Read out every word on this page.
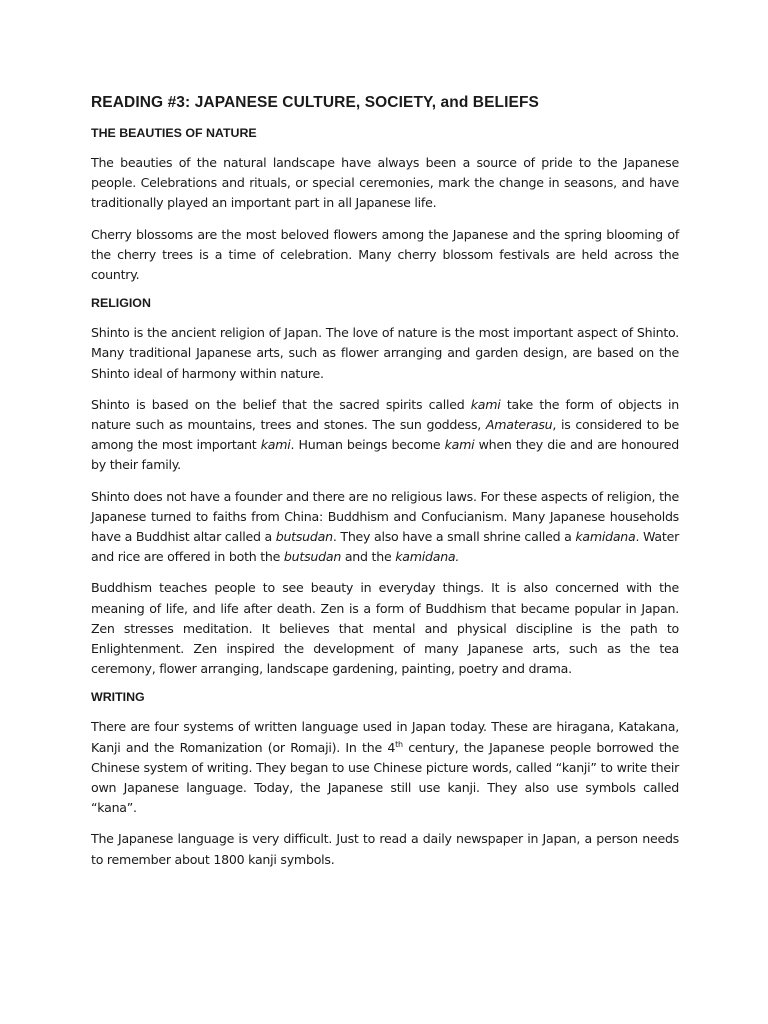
READING #3: JAPANESE CULTURE, SOCIETY, and BELIEFS
THE BEAUTIES OF NATURE

The beauties of the natural landscape have always been a source of pride to the Japanese people. Celebrations and rituals, or special ceremonies, mark the change in seasons, and have traditionally played an important part in all Japanese life.

Cherry blossoms are the most beloved flowers among the Japanese and the spring blooming of the cherry trees is a time of celebration. Many cherry blossom festivals are held across the country.

RELIGION

Shinto is the ancient religion of Japan. The love of nature is the most important aspect of Shinto. Many traditional Japanese arts, such as flower arranging and garden design, are based on the Shinto ideal of harmony within nature.

Shinto is based on the belief that the sacred spirits called kami take the form of objects in nature such as mountains, trees and stones. The sun goddess, Amaterasu, is considered to be among the most important kami. Human beings become kami when they die and are honoured by their family.

Shinto does not have a founder and there are no religious laws. For these aspects of religion, the Japanese turned to faiths from China: Buddhism and Confucianism. Many Japanese households have a Buddhist altar called a butsudan. They also have a small shrine called a kamidana. Water and rice are offered in both the butsudan and the kamidana.

Buddhism teaches people to see beauty in everyday things. It is also concerned with the meaning of life, and life after death. Zen is a form of Buddhism that became popular in Japan. Zen stresses meditation. It believes that mental and physical discipline is the path to Enlightenment. Zen inspired the development of many Japanese arts, such as the tea ceremony, flower arranging, landscape gardening, painting, poetry and drama.

WRITING

There are four systems of written language used in Japan today. These are hiragana, Katakana, Kanji and the Romanization (or Romaji). In the 4th century, the Japanese people borrowed the Chinese system of writing. They began to use Chinese picture words, called “kanji” to write their own Japanese language. Today, the Japanese still use kanji. They also use symbols called “kana”.

The Japanese language is very difficult. Just to read a daily newspaper in Japan, a person needs to remember about 1800 kanji symbols.
